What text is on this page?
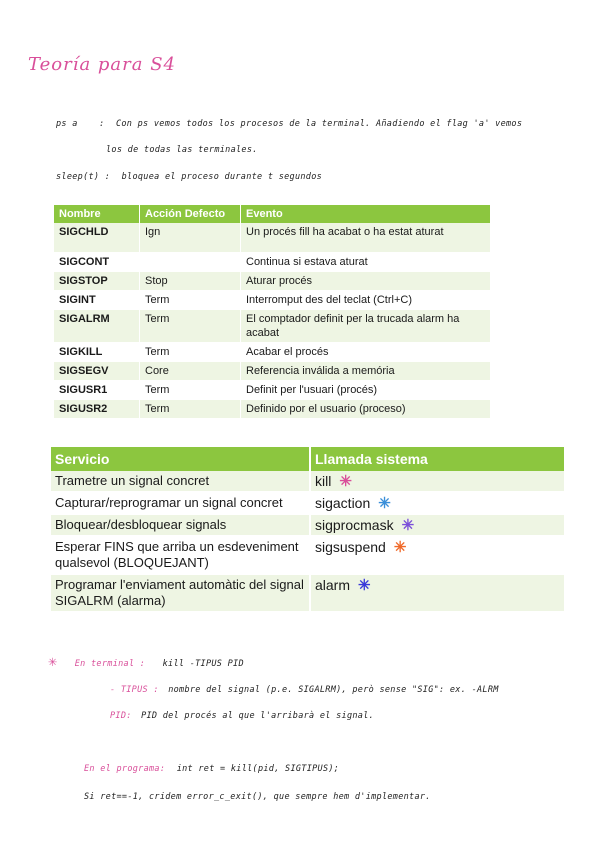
Teoría para S4
ps a	: Con ps vemos todos los procesos de la terminal. Añadiendo el flag 'a' vemos
los de todas las terminales.
sleep(t) : bloquea el proceso durante t segundos
Nombre	Acción Defecto	Evento
SIGCHLD	Ign	Un procés fill ha acabat o ha estat aturat
SIGCONT		Continua si estava aturat
SIGSTOP	Stop	Aturar procés
SIGINT	Term	Interromput des del teclat (Ctrl+C)
SIGALRM	Term	El comptador definit per la trucada alarm ha acabat
SIGKILL	Term	Acabar el procés
SIGSEGV	Core	Referencia inválida a memória
SIGUSR1	Term	Definit per l'usuari (procés)
SIGUSR2	Term	Definido por el usuario (proceso)
Servicio	Llamada sistema
Trametre un signal concret	kill ✳
Capturar/reprogramar un signal concret	sigaction ✳
Bloquear/desbloquear signals	sigprocmask ✳
Esperar FINS que arriba un esdeveniment qualsevol (BLOQUEJANT)	sigsuspend ✳
Programar l'enviament automàtic del signal SIGALRM (alarma)	alarm ✳
✳ En terminal : kill -TIPUS PID
- TIPUS : nombre del signal (p.e. SIGALRM), però sense "SIG": ex. -ALRM
PID: PID del procés al que l'arribarà el signal.
En el programa: int ret = kill(pid, SIGTIPUS);
Si ret==-1, cridem error_c_exit(), que sempre hem d'implementar.
